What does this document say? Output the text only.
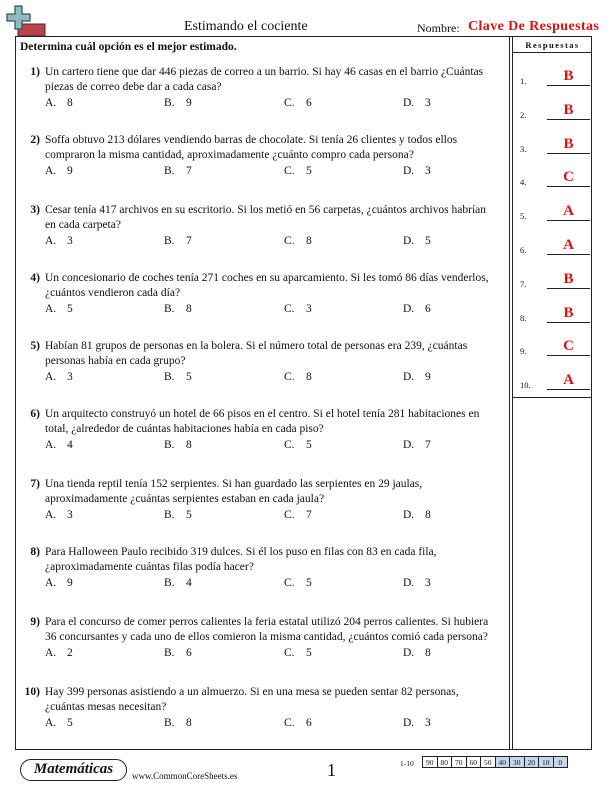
Estimando el cociente	Nombre: Clave De Respuestas
Determina cuál opción es el mejor estimado.
1) Un cartero tiene que dar 446 piezas de correo a un barrio. Si hay 46 casas en el barrio ¿Cuántas
piezas de correo debe dar a cada casa?
A. 8	B. 9	C. 6	D. 3
2) Soffa obtuvo 213 dólares vendiendo barras de chocolate. Si tenía 26 clientes y todos ellos
compraron la misma cantidad, aproximadamente ¿cuánto compro cada persona?
A. 9	B. 7	C. 5	D. 3
3) Cesar tenía 417 archivos en su escritorio. Si los metió en 56 carpetas, ¿cuántos archivos habrían
en cada carpeta?
A. 3	B. 7	C. 8	D. 5
4) Un concesionario de coches tenía 271 coches en su aparcamiento. Si les tomó 86 días venderlos,
¿cuántos vendieron cada día?
A. 5	B. 8	C. 3	D. 6
5) Habían 81 grupos de personas en la bolera. Si el número total de personas era 239, ¿cuántas
personas había en cada grupo?
A. 3	B. 5	C. 8	D. 9
6) Un arquitecto construyó un hotel de 66 pisos en el centro. Si el hotel tenía 281 habitaciones en
total, ¿alrededor de cuántas habitaciones había en cada piso?
A. 4	B. 8	C. 5	D. 7
7) Una tienda reptil tenía 152 serpientes. Si han guardado las serpientes en 29 jaulas,
aproximadamente ¿cuántas serpientes estaban en cada jaula?
A. 3	B. 5	C. 7	D. 8
8) Para Halloween Paulo recibido 319 dulces. Si él los puso en filas con 83 en cada fila,
¿aproximadamente cuántas filas podía hacer?
A. 9	B. 4	C. 5	D. 3
9) Para el concurso de comer perros calientes la feria estatal utilizó 204 perros calientes. Si hubiera
36 concursantes y cada uno de ellos comieron la misma cantidad, ¿cuántos comió cada persona?
A. 2	B. 6	C. 5	D. 8
10) Hay 399 personas asistiendo a un almuerzo. Si en una mesa se pueden sentar 82 personas,
¿cuántas mesas necesitan?
A. 5	B. 8	C. 6	D. 3
Respuestas
1.	B
2.	B
3.	B
4.	C
5.	A
6.	A
7.	B
8.	B
9.	C
10.	A
Matemáticas	www.CommonCoreSheets.es	1	1-10 90	80	70	60	50	40	30	20	10	0
